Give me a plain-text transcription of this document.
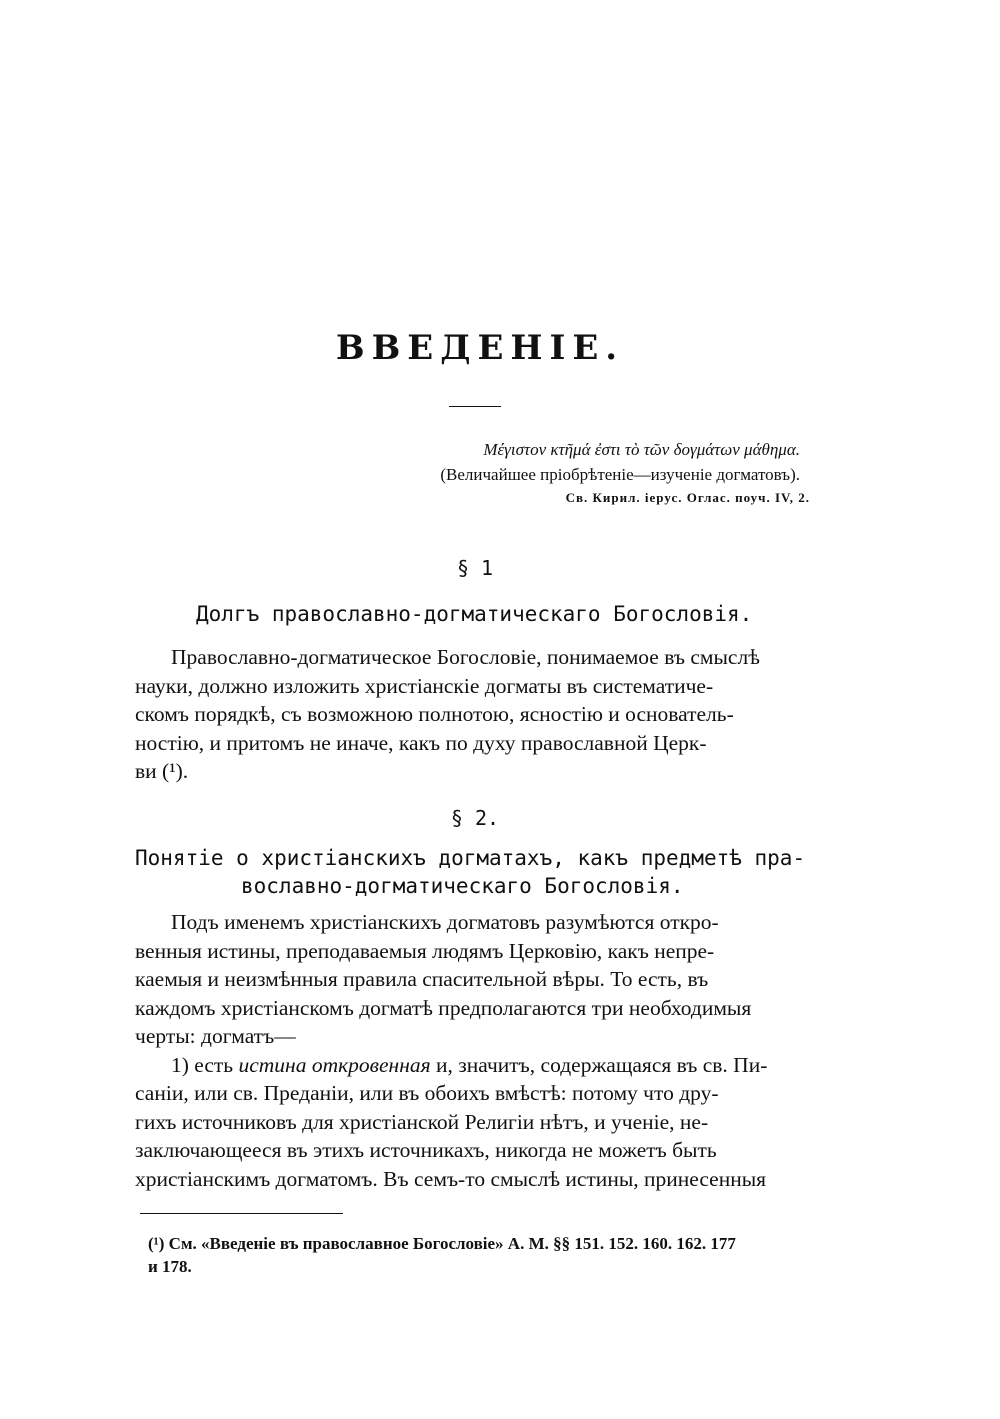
ВВЕДЕНІЕ.
Μέγιστον κτῆμά ἐστι τὸ τῶν δογμάτων μάθημα.
(Величайшее пріобрѣтеніе—изученіе догматовъ).
Св. Кирил. іерус. Оглас. поуч. IV, 2.
§ 1
Долгъ православно-догматическаго Богословія.

Православно-догматическое Богословіе, понимаемое въ смыслѣ

науки, должно изложить христіанскіе догматы въ систематиче-

скомъ порядкѣ, съ возможною полнотою, ясностію и основатель-

ностію, и притомъ не иначе, какъ по духу православной Церк-

ви (¹).

§ 2.
Понятіе о христіанскихъ догматахъ, какъ предметѣ пра-
вославно-догматическаго Богословія.

Подъ именемъ христіанскихъ догматовъ разумѣются откро-

венныя истины, преподаваемыя людямъ Церковію, какъ непре-

каемыя и неизмѣнныя правила спасительной вѣры. То есть, въ

каждомъ христіанскомъ догматѣ предполагаются три необходимыя

черты: догматъ—

1) есть истина откровенная и, значитъ, содержащаяся въ св. Пи-

саніи, или св. Преданіи, или въ обоихъ вмѣстѣ: потому что дру-

гихъ источниковъ для христіанской Религіи нѣтъ, и ученіе, не-

заключающееся въ этихъ источникахъ, никогда не можетъ быть

христіанскимъ догматомъ. Въ семъ-то смыслѣ истины, принесенныя

(¹) См. «Введеніе въ православное Богословіе» А. М. §§ 151. 152. 160. 162. 177
и 178.
